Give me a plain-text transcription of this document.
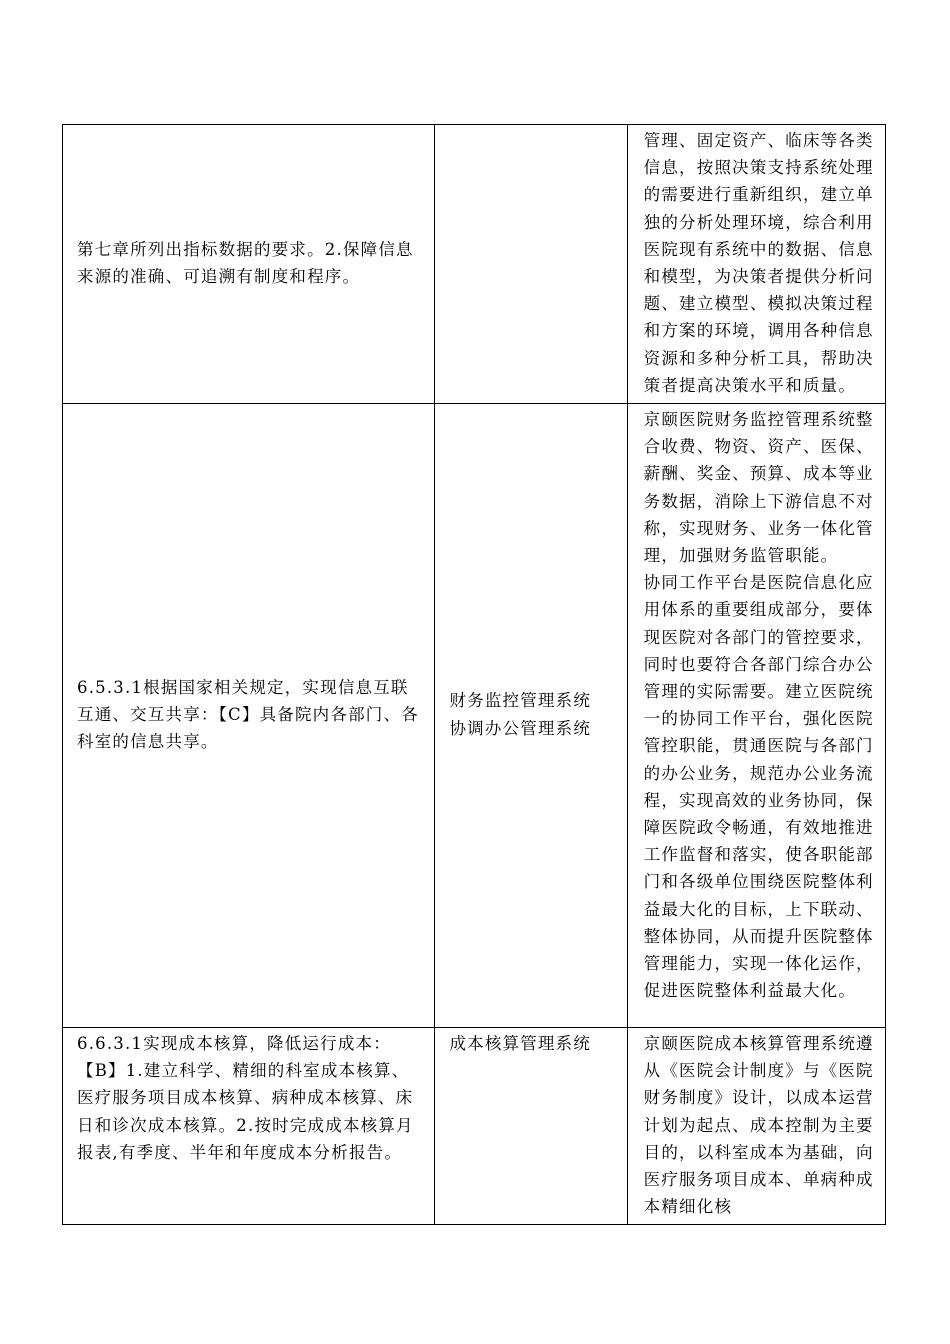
第七章所列出指标数据的要求。2.保障信息来源的准确、可追溯有制度和程序。		管理、固定资产、临床等各类信息，按照决策支持系统处理的需要进行重新组织，建立单独的分析处理环境，综合利用医院现有系统中的数据、信息和模型，为决策者提供分析问题、建立模型、模拟决策过程和方案的环境，调用各种信息资源和多种分析工具，帮助决策者提高决策水平和质量。

6.5.3.1根据国家相关规定，实现信息互联互通、交互共享：【C】具备院内各部门、各科室的信息共享。	财务监控管理系统
协调办公管理系统	京颐医院财务监控管理系统整合收费、物资、资产、医保、薪酬、奖金、预算、成本等业务数据，消除上下游信息不对称，实现财务、业务一体化管理，加强财务监管职能。
协同工作平台是医院信息化应用体系的重要组成部分，要体现医院对各部门的管控要求，同时也要符合各部门综合办公管理的实际需要。建立医院统一的协同工作平台，强化医院管控职能，贯通医院与各部门的办公业务，规范办公业务流程，实现高效的业务协同，保障医院政令畅通，有效地推进工作监督和落实，使各职能部门和各级单位围绕医院整体利益最大化的目标，上下联动、整体协同，从而提升医院整体管理能力，实现一体化运作，促进医院整体利益最大化。

6.6.3.1实现成本核算，降低运行成本：【B】1.建立科学、精细的科室成本核算、医疗服务项目成本核算、病种成本核算、床日和诊次成本核算。2.按时完成成本核算月报表,有季度、半年和年度成本分析报告。	成本核算管理系统	京颐医院成本核算管理系统遵从《医院会计制度》与《医院财务制度》设计，以成本运营计划为起点、成本控制为主要目的，以科室成本为基础，向医疗服务项目成本、单病种成本精细化核
